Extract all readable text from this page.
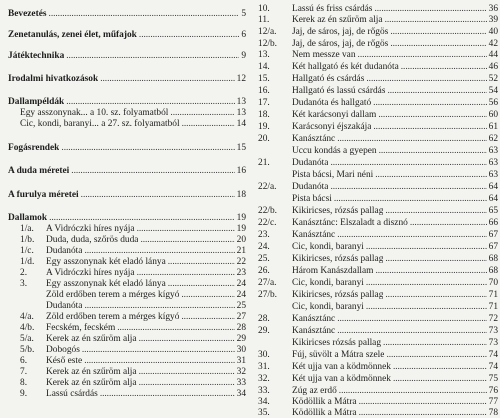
Bevezetés . . .	5
Zenetanulás, zenei élet, műfajok . . .	6
Játéktechnika . . .	9
Irodalmi hivatkozások . . .	12
Dallampéldák . . .	13
Egy asszonynak... a 10. sz. folyamatból . . .	13
Cic, kondi, baranyi... a 27. sz. folyamatból . . .	14
Fogásrendek . . .	15
A duda méretei . . .	16
A furulya méretei . . .	18
Dallamok . . .	19
1/a. A Vidróczki híres nyája . . .	19
1/b. Duda, duda, szőrös duda . . .	20
1/c. Dudanóta . . .	21
1/d. Egy asszonynak két eladó lánya . . .	22
2. A Vidróczki híres nyája . . .	23
3. Egy asszonynak két eladó lánya . . .	24
Zöld erdőben terem a mérges kígyó . . .	24
Dudanóta . . .	25
4/a. Zöld erdőben terem a mérges kígyó . . .	27
4/b. Fecském, fecském . . .	28
5/a. Kerek az én szűröm alja . . .	29
5/b. Dobogós . . .	30
6. Késő este . . .	31
7. Kerek az én szűröm alja . . .	32
8. Kerek az én szűröm alja . . .	33
9. Lassú csárdás . . .	34
10. Lassú és friss csárdás . . .	36
11. Kerek az én szűröm alja . . .	39
12/a. Jaj, de sáros, jaj, de rőgös . . .	40
12/b. Jaj, de sáros, jaj, de rőgös . . .	42
13. Nem messze van . . .	44
14. Két hallgató és két dudanóta . . .	46
15. Hallgató és csárdás . . .	52
16. Hallgató és lassú csárdás . . .	54
17. Dudanóta és hallgató . . .	56
18. Két karácsonyi dallam . . .	60
19. Karácsonyi éjszakája . . .	61
20. Kanásztánc . . .	62
Uccu kondás a gyepen . . .	63
21. Dudanóta . . .	63
Pista bácsi, Mari néni . . .	63
22/a. Dudanóta . . .	64
Pista bácsi . . .	64
22/b. Kikiricses, rózsás pallag . . .	65
22/c. Kanásztánc: Elszaladt a disznó . . .	66
23. Kanásztánc . . .	67
24. Cic, kondi, baranyi . . .	67
25. Kikiricses, rózsás pallag . . .	68
26. Három Kanászdallam . . .	68
27/a. Cic, kondi, baranyi . . .	70
27/b. Kikiricses, rózsás pallag . . .	71
Cic, kondi, baranyi . . .	71
28. Kanásztánc . . .	72
29. Kanásztánc . . .	73
Kikiricses rózsás pallag . . .	73
30. Fúj, süvölt a Mátra szele . . .	74
31. Két ujja van a ködmönnek . . .	74
32. Két ujja van a ködmönnek . . .	75
33. Zúg az erdő . . .	76
34. Ködöllik a Mátra . . .	77
35. Ködöllik a Mátra . . .	78
